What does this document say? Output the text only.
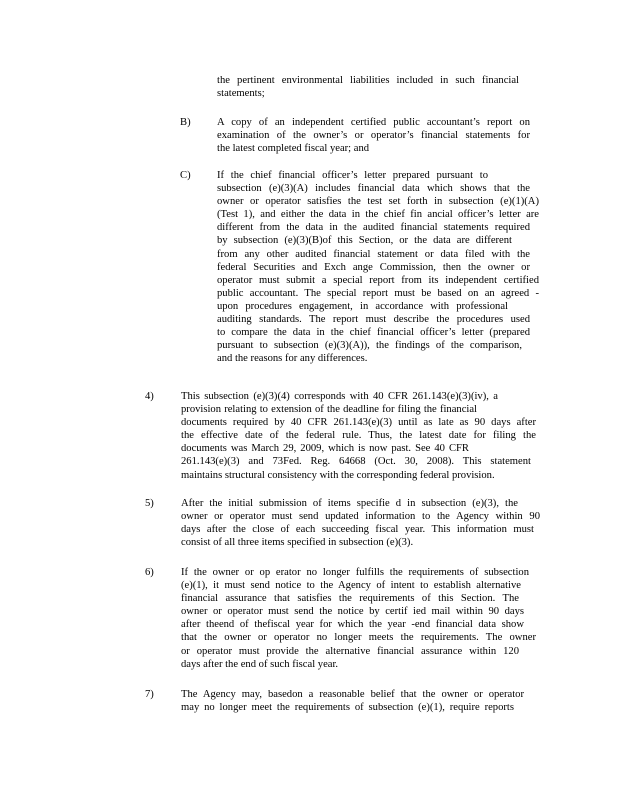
the pertinent environmental liabilities included in such financial
statements;
B) A copy of an independent certified public accountant’s report on
examination of the owner’s or operator’s financial statements for
the latest completed fiscal year; and
C) If the chief financial officer’s letter prepared pursuant to
subsection (e)(3)(A) includes financial data which shows that the
owner or operator satisfies the test set forth in subsection (e)(1)(A)
(Test 1), and either the data in the chief fin ancial officer’s letter are
different from the data in the audited financial statements required
by subsection (e)(3)(B)of this Section, or the data are different
from any other audited financial statement or data filed with the
federal Securities and Exch ange Commission, then the owner or
operator must submit a special report from its independent certified
public accountant. The special report must be based on an agreed -
upon procedures engagement, in accordance with professional
auditing standards. The report must describe the procedures used
to compare the data in the chief financial officer’s letter (prepared
pursuant to subsection (e)(3)(A)), the findings of the comparison,
and the reasons for any differences.
4)	This subsection (e)(3)(4) corresponds with 40 CFR 261.143(e)(3)(iv), a
provision relating to extension of the deadline for filing the financial
documents required by 40 CFR 261.143(e)(3) until as late as 90 days after
the effective date of the federal rule. Thus, the latest date for filing the
documents was March 29, 2009, which is now past. See 40 CFR
261.143(e)(3) and 73Fed. Reg. 64668 (Oct. 30, 2008). This statement
maintains structural consistency with the corresponding federal provision.
5)	After the initial submission of items specifie d in subsection (e)(3), the
owner or operator must send updated information to the Agency within 90
days after the close of each succeeding fiscal year. This information must
consist of all three items specified in subsection (e)(3).
6)	If the owner or op erator no longer fulfills the requirements of subsection
(e)(1), it must send notice to the Agency of intent to establish alternative
financial assurance that satisfies the requirements of this Section. The
owner or operator must send the notice by certif ied mail within 90 days
after theend of thefiscal year for which the year -end financial data show
that the owner or operator no longer meets the requirements. The owner
or operator must provide the alternative financial assurance within 120
days after the end of such fiscal year.
7)	The Agency may, basedon a reasonable belief that the owner or operator
may no longer meet the requirements of subsection (e)(1), require reports
